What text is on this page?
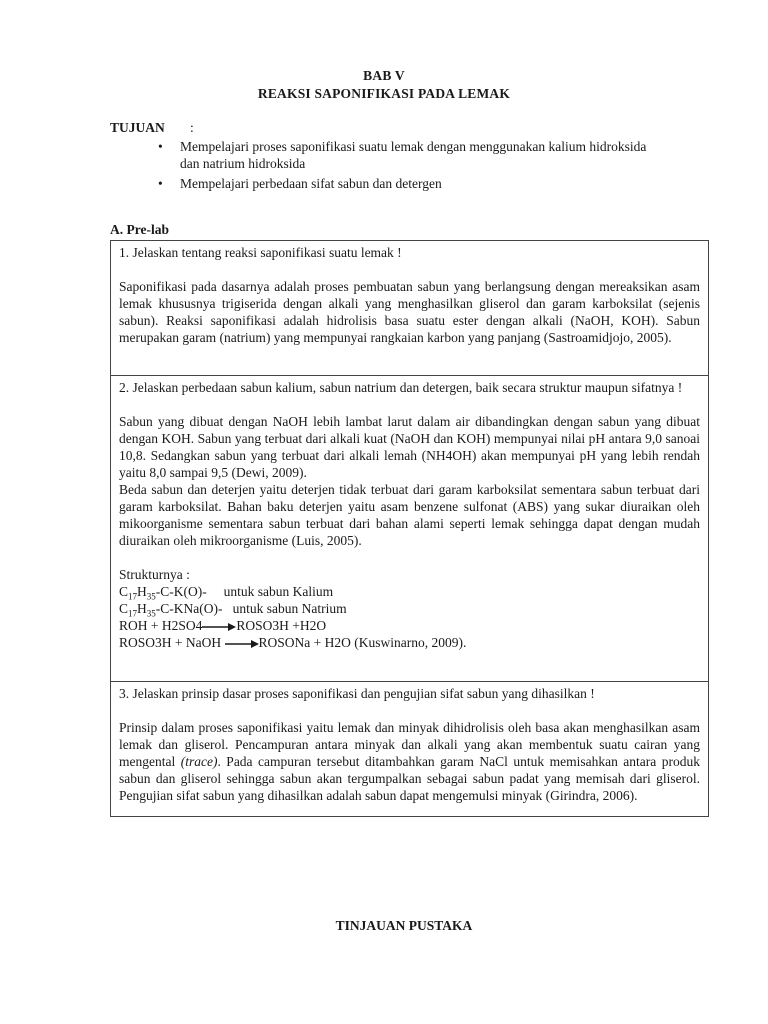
BAB V
REAKSI SAPONIFIKASI PADA LEMAK
TUJUAN :
• Mempelajari proses saponifikasi suatu lemak dengan menggunakan kalium hidroksida dan natrium hidroksida
• Mempelajari perbedaan sifat sabun dan detergen
A. Pre-lab

1. Jelaskan tentang reaksi saponifikasi suatu lemak !

Saponifikasi pada dasarnya adalah proses pembuatan sabun yang berlangsung dengan mereaksikan asam lemak khususnya trigiserida dengan alkali yang menghasilkan gliserol dan garam karboksilat (sejenis sabun). Reaksi saponifikasi adalah hidrolisis basa suatu ester dengan alkali (NaOH, KOH). Sabun merupakan garam (natrium) yang mempunyai rangkaian karbon yang panjang (Sastroamidjojo, 2005).

2. Jelaskan perbedaan sabun kalium, sabun natrium dan detergen, baik secara struktur maupun sifatnya !

Sabun yang dibuat dengan NaOH lebih lambat larut dalam air dibandingkan dengan sabun yang dibuat dengan KOH. Sabun yang terbuat dari alkali kuat (NaOH dan KOH) mempunyai nilai pH antara 9,0 sanoai 10,8. Sedangkan sabun yang terbuat dari alkali lemah (NH4OH) akan mempunyai pH yang lebih rendah yaitu 8,0 sampai 9,5 (Dewi, 2009).

Beda sabun dan deterjen yaitu deterjen tidak terbuat dari garam karboksilat sementara sabun terbuat dari garam karboksilat. Bahan baku deterjen yaitu asam benzene sulfonat (ABS) yang sukar diuraikan oleh mikoorganisme sementara sabun terbuat dari bahan alami seperti lemak sehingga dapat dengan mudah diuraikan oleh mikroorganisme (Luis, 2005).

Strukturnya :

$C_{17}H_{35}-C-K(O)-$ untuk sabun Kalium

$C_{17}H_{35}-C-KNa(O)-$ untuk sabun Natrium

ROH + H2SO4	ROSO3H +H2O

ROSO3H + NaOH	ROSONa + H2O (Kuswinarno, 2009).

3. Jelaskan prinsip dasar proses saponifikasi dan pengujian sifat sabun yang dihasilkan !

Prinsip dalam proses saponifikasi yaitu lemak dan minyak dihidrolisis oleh basa akan menghasilkan asam lemak dan gliserol. Pencampuran antara minyak dan alkali yang akan membentuk suatu cairan yang mengental (trace). Pada campuran tersebut ditambahkan garam NaCl untuk memisahkan antara produk sabun dan gliserol sehingga sabun akan tergumpalkan sebagai sabun padat yang memisah dari gliserol. Pengujian sifat sabun yang dihasilkan adalah sabun dapat mengemulsi minyak (Girindra, 2006).

TINJAUAN PUSTAKA
